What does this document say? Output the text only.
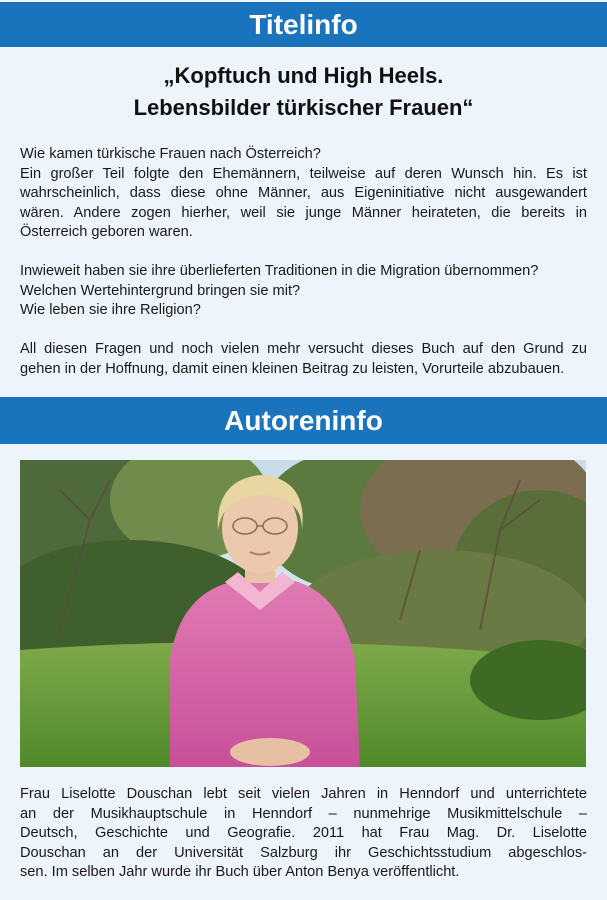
Titelinfo
„Kopftuch und High Heels.
Lebensbilder türkischer Frauen“
Wie kamen türkische Frauen nach Österreich?
Ein großer Teil folgte den Ehemännern, teilweise auf deren Wunsch hin. Es ist
wahrscheinlich, dass diese ohne Männer, aus Eigeninitiative nicht ausgewandert
wären. Andere zogen hierher, weil sie junge Männer heirateten, die bereits in
Österreich geboren waren.
Inwieweit haben sie ihre überlieferten Traditionen in die Migration übernommen?
Welchen Wertehintergrund bringen sie mit?
Wie leben sie ihre Religion?
All diesen Fragen und noch vielen mehr versucht dieses Buch auf den Grund zu
gehen in der Hoffnung, damit einen kleinen Beitrag zu leisten, Vorurteile abzubauen.
Autoreninfo
Frau Liselotte Douschan lebt seit vielen Jahren in Henndorf und unterrichtete
an der Musikhauptschule in Henndorf – nunmehrige Musikmittelschule –
Deutsch, Geschichte und Geografie. 2011 hat Frau Mag. Dr. Liselotte
Douschan an der Universität Salzburg ihr Geschichtsstudium abgeschlos-
sen. Im selben Jahr wurde ihr Buch über Anton Benya veröffentlicht.
